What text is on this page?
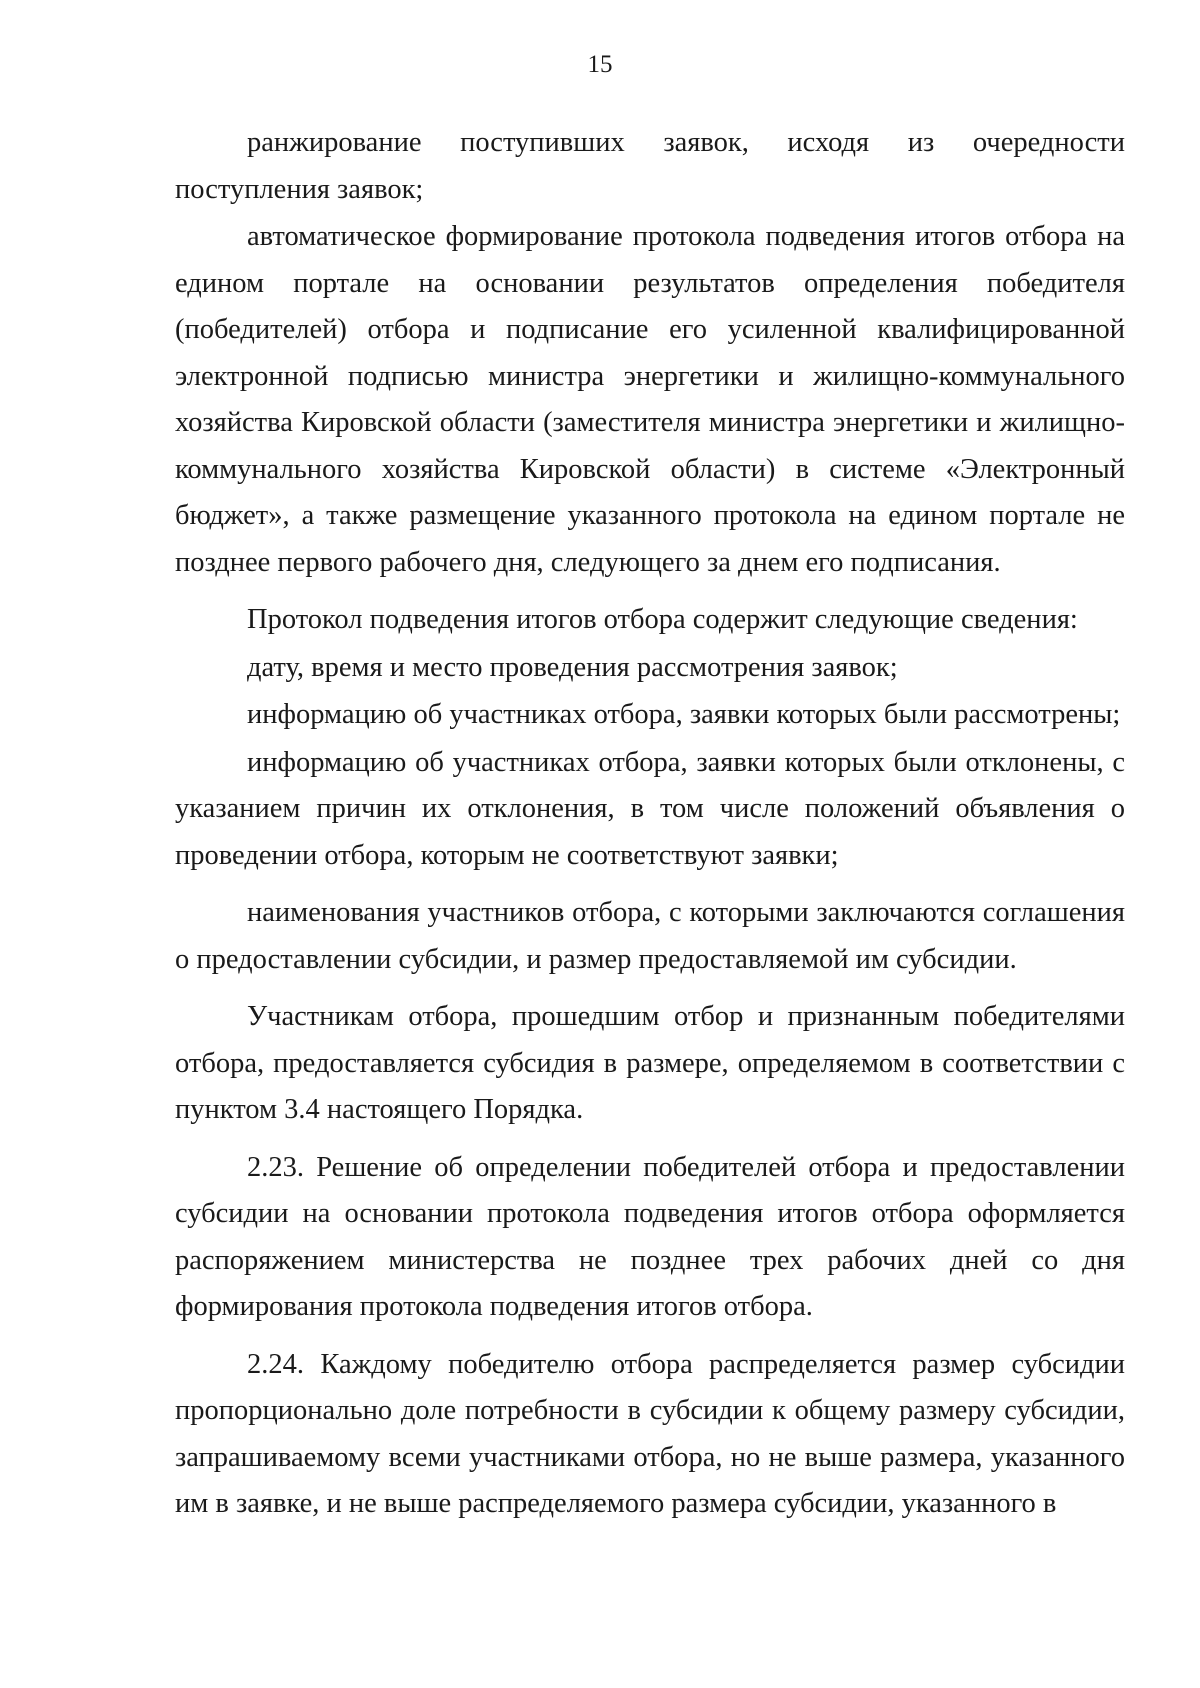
15

ранжирование поступивших заявок, исходя из очередности поступления заявок;

автоматическое формирование протокола подведения итогов отбора на едином портале на основании результатов определения победителя (победителей) отбора и подписание его усиленной квалифицированной электронной подписью министра энергетики и жилищно-коммунального хозяйства Кировской области (заместителя министра энергетики и жилищно-коммунального хозяйства Кировской области) в системе «Электронный бюджет», а также размещение указанного протокола на едином портале не позднее первого рабочего дня, следующего за днем его подписания.

Протокол подведения итогов отбора содержит следующие сведения:

дату, время и место проведения рассмотрения заявок;

информацию об участниках отбора, заявки которых были рассмотрены;

информацию об участниках отбора, заявки которых были отклонены, с указанием причин их отклонения, в том числе положений объявления о проведении отбора, которым не соответствуют заявки;

наименования участников отбора, с которыми заключаются соглашения о предоставлении субсидии, и размер предоставляемой им субсидии.

Участникам отбора, прошедшим отбор и признанным победителями отбора, предоставляется субсидия в размере, определяемом в соответствии с пунктом 3.4 настоящего Порядка.

2.23. Решение об определении победителей отбора и предоставлении субсидии на основании протокола подведения итогов отбора оформляется распоряжением министерства не позднее трех рабочих дней со дня формирования протокола подведения итогов отбора.

2.24. Каждому победителю отбора распределяется размер субсидии пропорционально доле потребности в субсидии к общему размеру субсидии, запрашиваемому всеми участниками отбора, но не выше размера, указанного им в заявке, и не выше распределяемого размера субсидии, указанного в
